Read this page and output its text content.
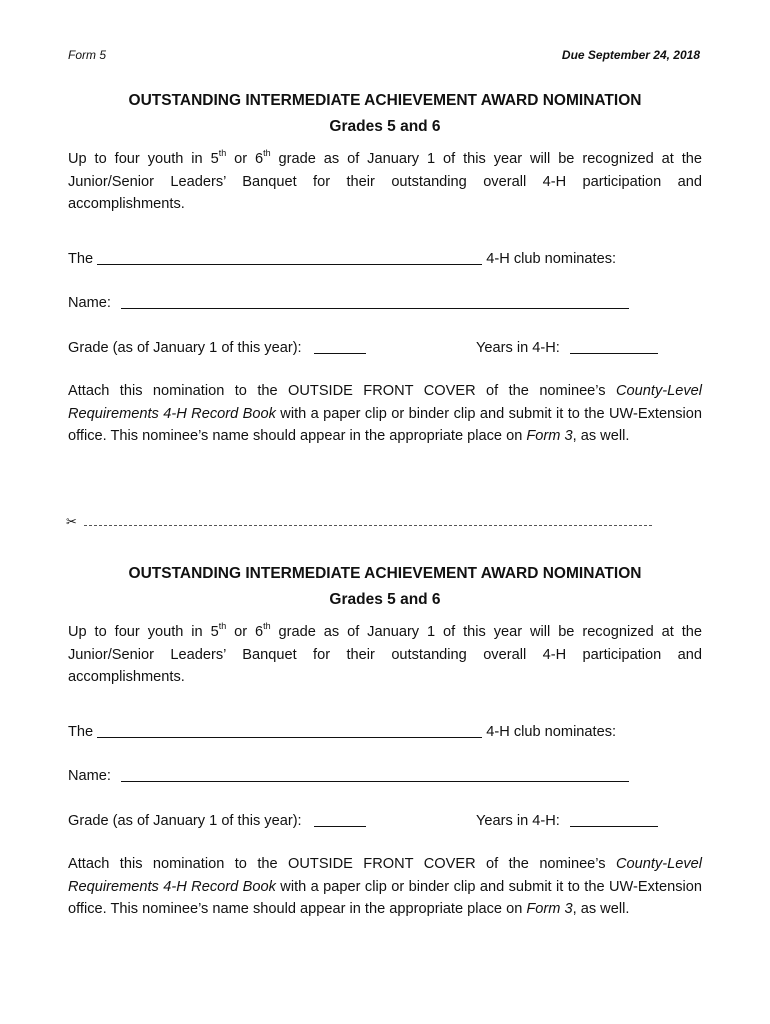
Form 5	Due September 24, 2018
OUTSTANDING INTERMEDIATE ACHIEVEMENT AWARD NOMINATION
Grades 5 and 6
Up to four youth in 5th or 6th grade as of January 1 of this year will be recognized at the Junior/Senior Leaders’ Banquet for their outstanding overall 4-H participation and accomplishments.
The	4-H club nominates:
Name:
Grade (as of January 1 of this year):	Years in 4-H:
Attach this nomination to the OUTSIDE FRONT COVER of the nominee’s County-Level Requirements 4-H Record Book with a paper clip or binder clip and submit it to the UW-Extension office. This nominee’s name should appear in the appropriate place on Form 3, as well.
✂
OUTSTANDING INTERMEDIATE ACHIEVEMENT AWARD NOMINATION
Grades 5 and 6
Up to four youth in 5th or 6th grade as of January 1 of this year will be recognized at the Junior/Senior Leaders’ Banquet for their outstanding overall 4-H participation and accomplishments.
The	4-H club nominates:
Name:
Grade (as of January 1 of this year):	Years in 4-H:
Attach this nomination to the OUTSIDE FRONT COVER of the nominee’s County-Level Requirements 4-H Record Book with a paper clip or binder clip and submit it to the UW-Extension office. This nominee’s name should appear in the appropriate place on Form 3, as well.
